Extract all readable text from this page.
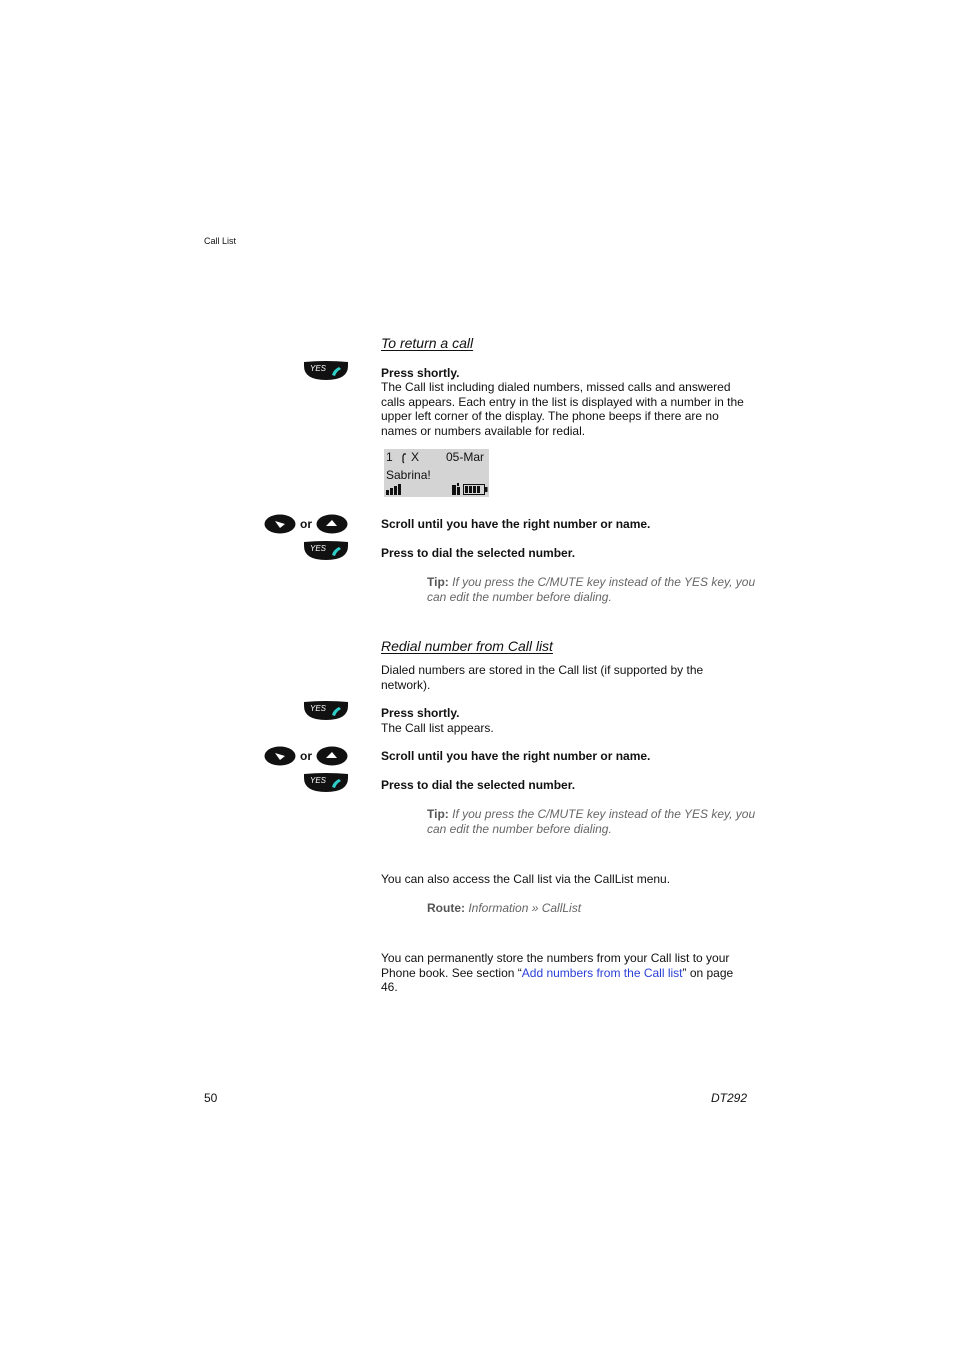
Call List
To return a call
Press shortly.
The Call list including dialed numbers, missed calls and answered calls appears. Each entry in the list is displayed with a number in the upper left corner of the display. The phone beeps if there are no names or numbers available for redial.
1 X 05-Mar
Sabrina!
or	Scroll until you have the right number or name.
Press to dial the selected number.
Tip: If you press the C/MUTE key instead of the YES key, you can edit the number before dialing.
Redial number from Call list
Dialed numbers are stored in the Call list (if supported by the network).
Press shortly.
The Call list appears.
or	Scroll until you have the right number or name.
Press to dial the selected number.
Tip: If you press the C/MUTE key instead of the YES key, you can edit the number before dialing.
You can also access the Call list via the CallList menu.
Route: Information » CallList
You can permanently store the numbers from your Call list to your Phone book. See section “Add numbers from the Call list” on page 46.
50	DT292
